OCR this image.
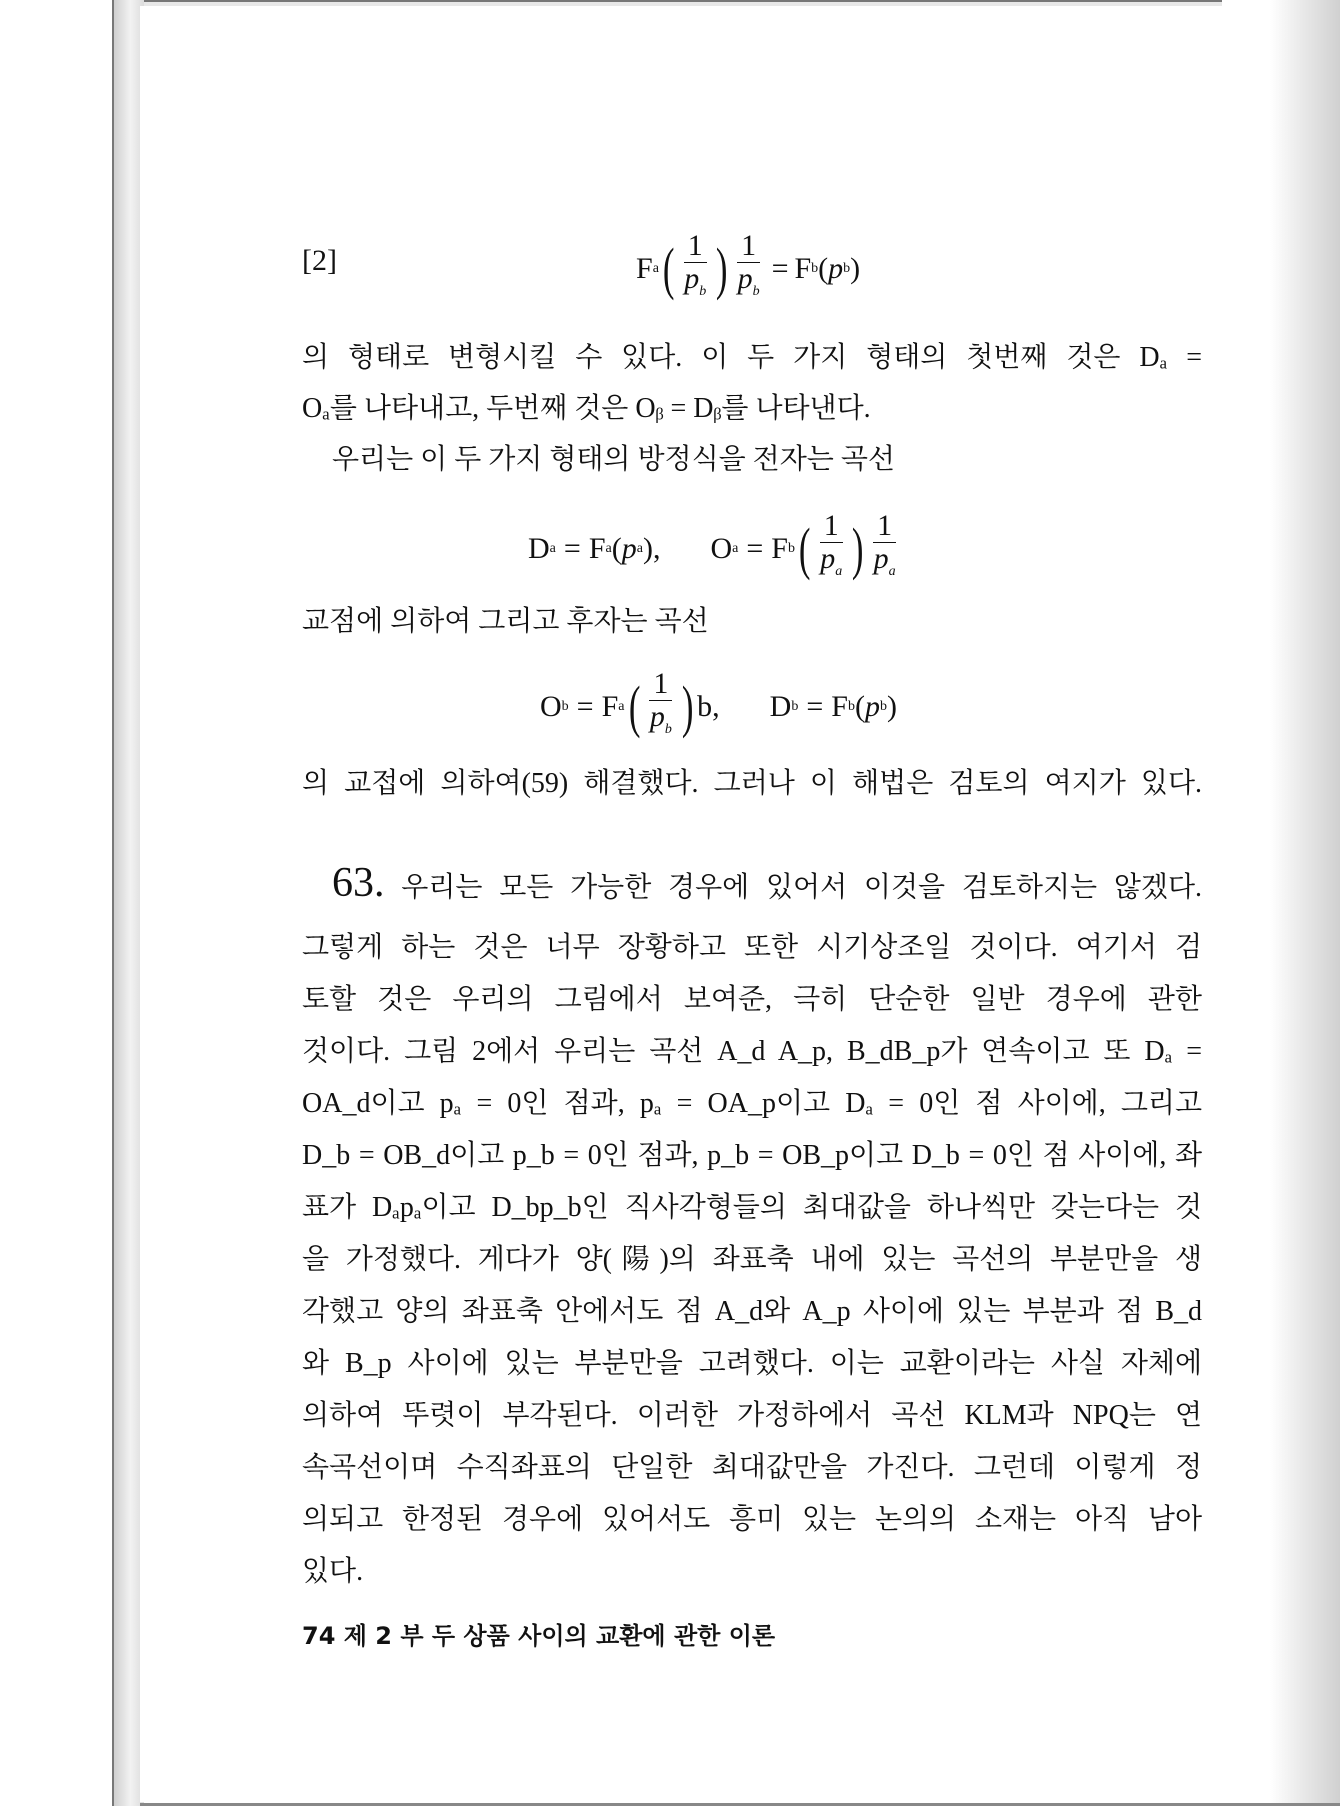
[2]	F a ( $\frac{1}{p_b}$ ) $\frac{1}{p_b} = F$ b ( p b )
의 형태로 변형시킬 수 있다. 이 두 가지 형태의 첫번째 것은 Dₐ =
Oₐ를 나타내고, 두번째 것은 Oᵦ = Dᵦ를 나타낸다.
우리는 이 두 가지 형태의 방정식을 전자는 곡선
D a = F a ( p a ) , O a = F b ( $\frac{1}{p_a}$ ) $\frac{1}{p_a}$
교점에 의하여 그리고 후자는 곡선
O b = F a ( $\frac{1}{p_b}$ ) b , D b = F b ( p b )
의 교접에 의하여(59) 해결했다. 그러나 이 해법은 검토의 여지가 있다.
63. 우리는 모든 가능한 경우에 있어서 이것을 검토하지는 않겠다.
그렇게 하는 것은 너무 장황하고 또한 시기상조일 것이다. 여기서 검
토할 것은 우리의 그림에서 보여준, 극히 단순한 일반 경우에 관한
것이다. 그림 2에서 우리는 곡선 A_d A_p, B_dB_p가 연속이고 또 Dₐ =
OA_d이고 pₐ = 0인 점과, pₐ = OA_p이고 Dₐ = 0인 점 사이에, 그리고
D_b = OB_d이고 p_b = 0인 점과, p_b = OB_p이고 D_b = 0인 점 사이에, 좌
표가 Dₐpₐ이고 D_bp_b인 직사각형들의 최대값을 하나씩만 갖는다는 것
을 가정했다. 게다가 양(陽)의 좌표축 내에 있는 곡선의 부분만을 생
각했고 양의 좌표축 안에서도 점 A_d와 A_p 사이에 있는 부분과 점 B_d
와 B_p 사이에 있는 부분만을 고려했다. 이는 교환이라는 사실 자체에
의하여 뚜렷이 부각된다. 이러한 가정하에서 곡선 KLM과 NPQ는 연
속곡선이며 수직좌표의 단일한 최대값만을 가진다. 그런데 이렇게 정
의되고 한정된 경우에 있어서도 흥미 있는 논의의 소재는 아직 남아
있다.
74 제 2 부 두 상품 사이의 교환에 관한 이론
